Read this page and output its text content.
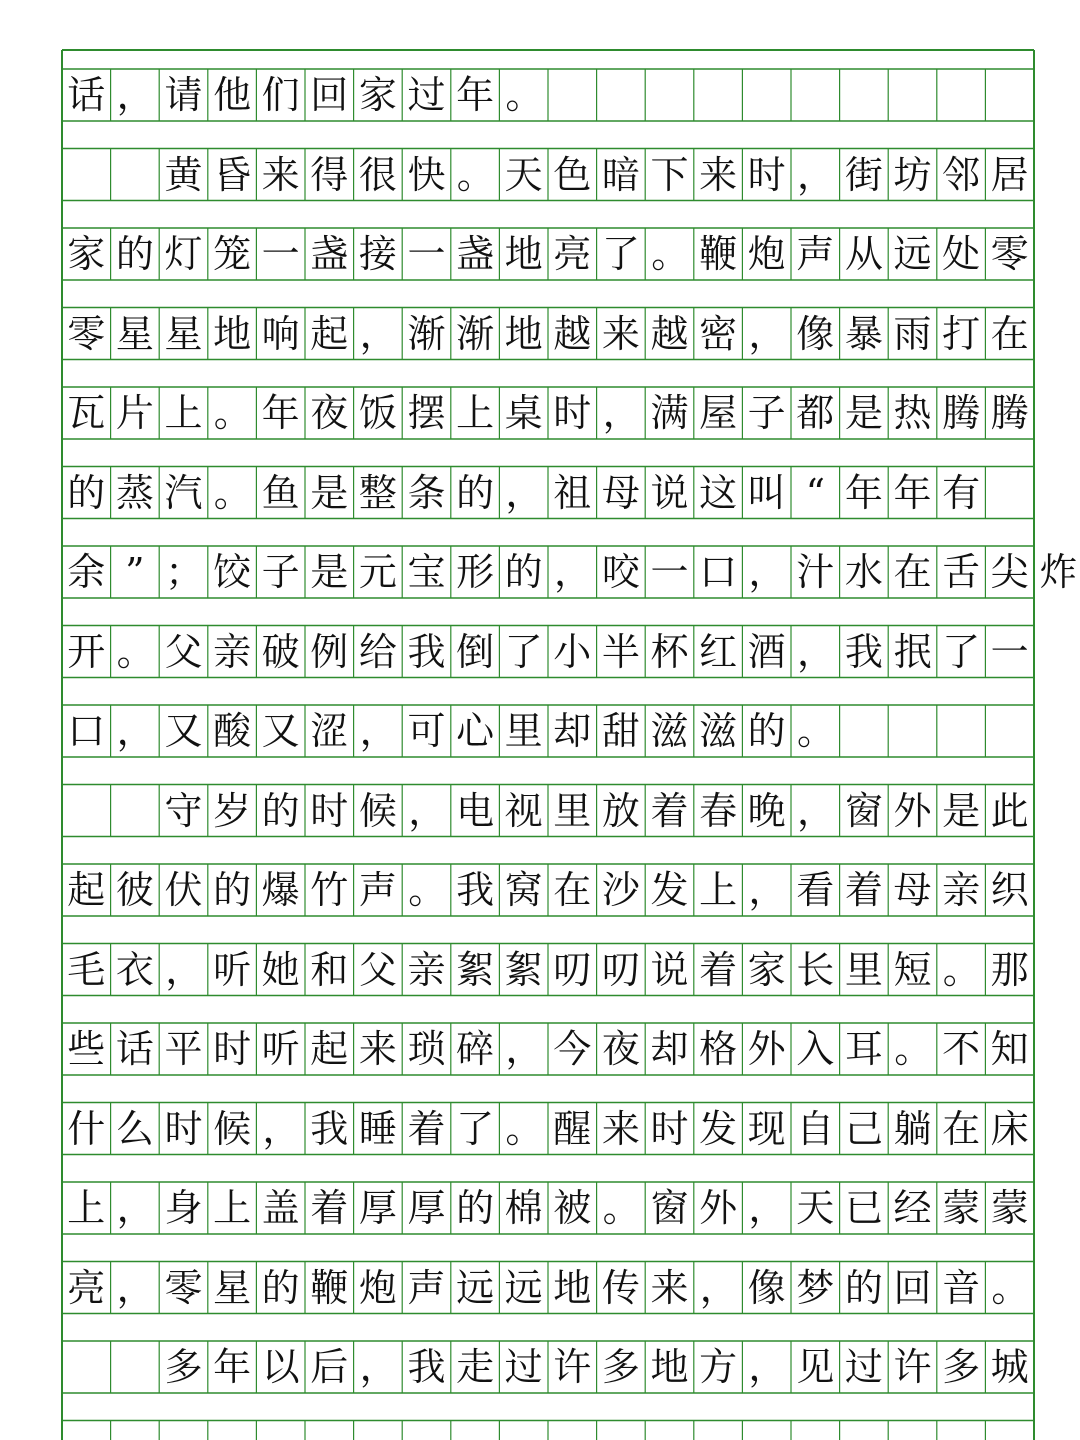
话 ， 请 他 们 回 家 过 年 。
黄 昏 来 得 很 快 。 天 色 暗 下 来 时 ， 街 坊 邻 居
家 的 灯 笼 一 盏 接 一 盏 地 亮 了 。 鞭 炮 声 从 远 处 零
零 星 星 地 响 起 ， 渐 渐 地 越 来 越 密 ， 像 暴 雨 打 在
瓦 片 上 。 年 夜 饭 摆 上 桌 时 ， 满 屋 子 都 是 热 腾 腾
的 蒸 汽 。 鱼 是 整 条 的 ， 祖 母 说 这 叫 “ 年 年 有
余 ” ； 饺 子 是 元 宝 形 的 ， 咬 一 口 ， 汁 水 在 舌 尖 炸
开 。 父 亲 破 例 给 我 倒 了 小 半 杯 红 酒 ， 我 抿 了 一
口 ， 又 酸 又 涩 ， 可 心 里 却 甜 滋 滋 的 。
守 岁 的 时 候 ， 电 视 里 放 着 春 晚 ， 窗 外 是 此
起 彼 伏 的 爆 竹 声 。 我 窝 在 沙 发 上 ， 看 着 母 亲 织
毛 衣 ， 听 她 和 父 亲 絮 絮 叨 叨 说 着 家 长 里 短 。 那
些 话 平 时 听 起 来 琐 碎 ， 今 夜 却 格 外 入 耳 。 不 知
什 么 时 候 ， 我 睡 着 了 。 醒 来 时 发 现 自 己 躺 在 床
上 ， 身 上 盖 着 厚 厚 的 棉 被 。 窗 外 ， 天 已 经 蒙 蒙
亮 ， 零 星 的 鞭 炮 声 远 远 地 传 来 ， 像 梦 的 回 音 。
多 年 以 后 ， 我 走 过 许 多 地 方 ， 见 过 许 多 城
